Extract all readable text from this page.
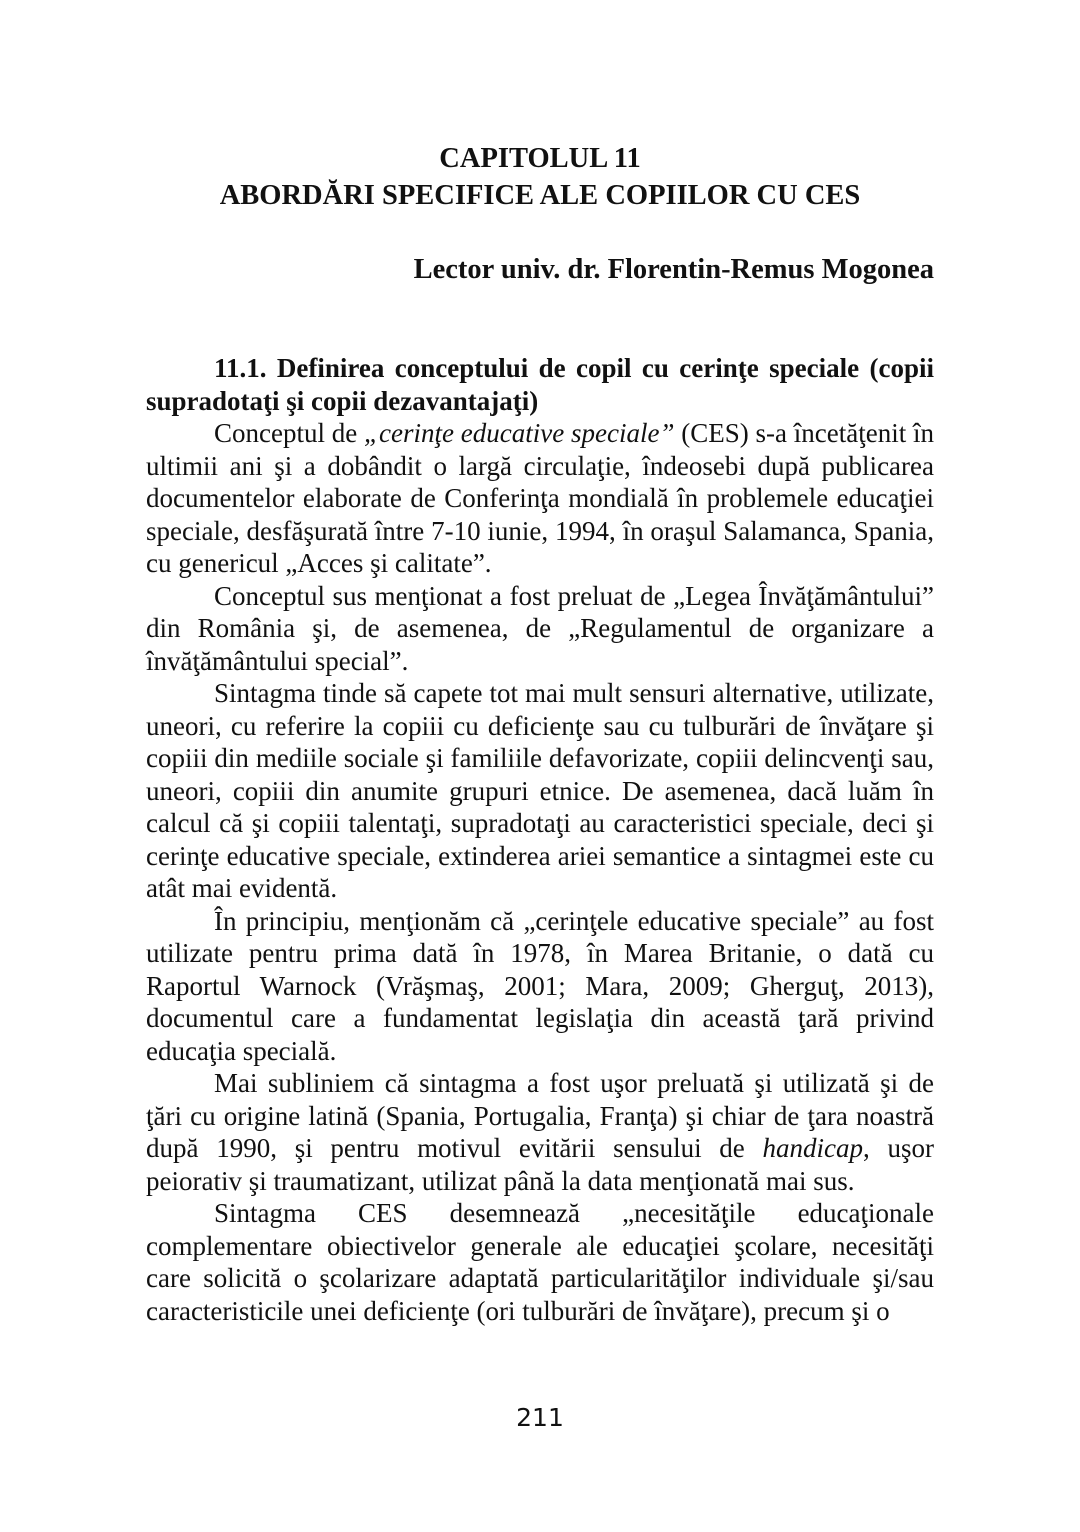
CAPITOLUL 11
ABORDĂRI SPECIFICE ALE COPIILOR CU CES

Lector univ. dr. Florentin-Remus Mogonea

11.1. Definirea conceptului de copil cu cerinţe speciale (copii supradotaţi şi copii dezavantajaţi)

Conceptul de „cerinţe educative speciale” (CES) s-a încetăţenit în ultimii ani şi a dobândit o largă circulaţie, îndeosebi după publicarea documentelor elaborate de Conferinţa mondială în problemele educaţiei speciale, desfăşurată între 7-10 iunie, 1994, în oraşul Salamanca, Spania, cu genericul „Acces şi calitate”.

Conceptul sus menţionat a fost preluat de „Legea Învăţământului” din România şi, de asemenea, de „Regulamentul de organizare a învăţământului special”.

Sintagma tinde să capete tot mai mult sensuri alternative, utilizate, uneori, cu referire la copiii cu deficienţe sau cu tulburări de învăţare şi copiii din mediile sociale şi familiile defavorizate, copiii delincvenţi sau, uneori, copiii din anumite grupuri etnice. De asemenea, dacă luăm în calcul că şi copiii talentaţi, supradotaţi au caracteristici speciale, deci şi cerinţe educative speciale, extinderea ariei semantice a sintagmei este cu atât mai evidentă.

În principiu, menţionăm că „cerinţele educative speciale” au fost utilizate pentru prima dată în 1978, în Marea Britanie, o dată cu Raportul Warnock (Vrăşmaş, 2001; Mara, 2009; Gherguţ, 2013), documentul care a fundamentat legislaţia din această ţară privind educaţia specială.

Mai subliniem că sintagma a fost uşor preluată şi utilizată şi de ţări cu origine latină (Spania, Portugalia, Franţa) şi chiar de ţara noastră după 1990, şi pentru motivul evitării sensului de handicap, uşor peiorativ şi traumatizant, utilizat până la data menţionată mai sus.

Sintagma CES desemnează „necesităţile educaţionale complementare obiectivelor generale ale educaţiei şcolare, necesităţi care solicită o şcolarizare adaptată particularităţilor individuale şi/sau caracteristicile unei deficienţe (ori tulburări de învăţare), precum şi o

211
